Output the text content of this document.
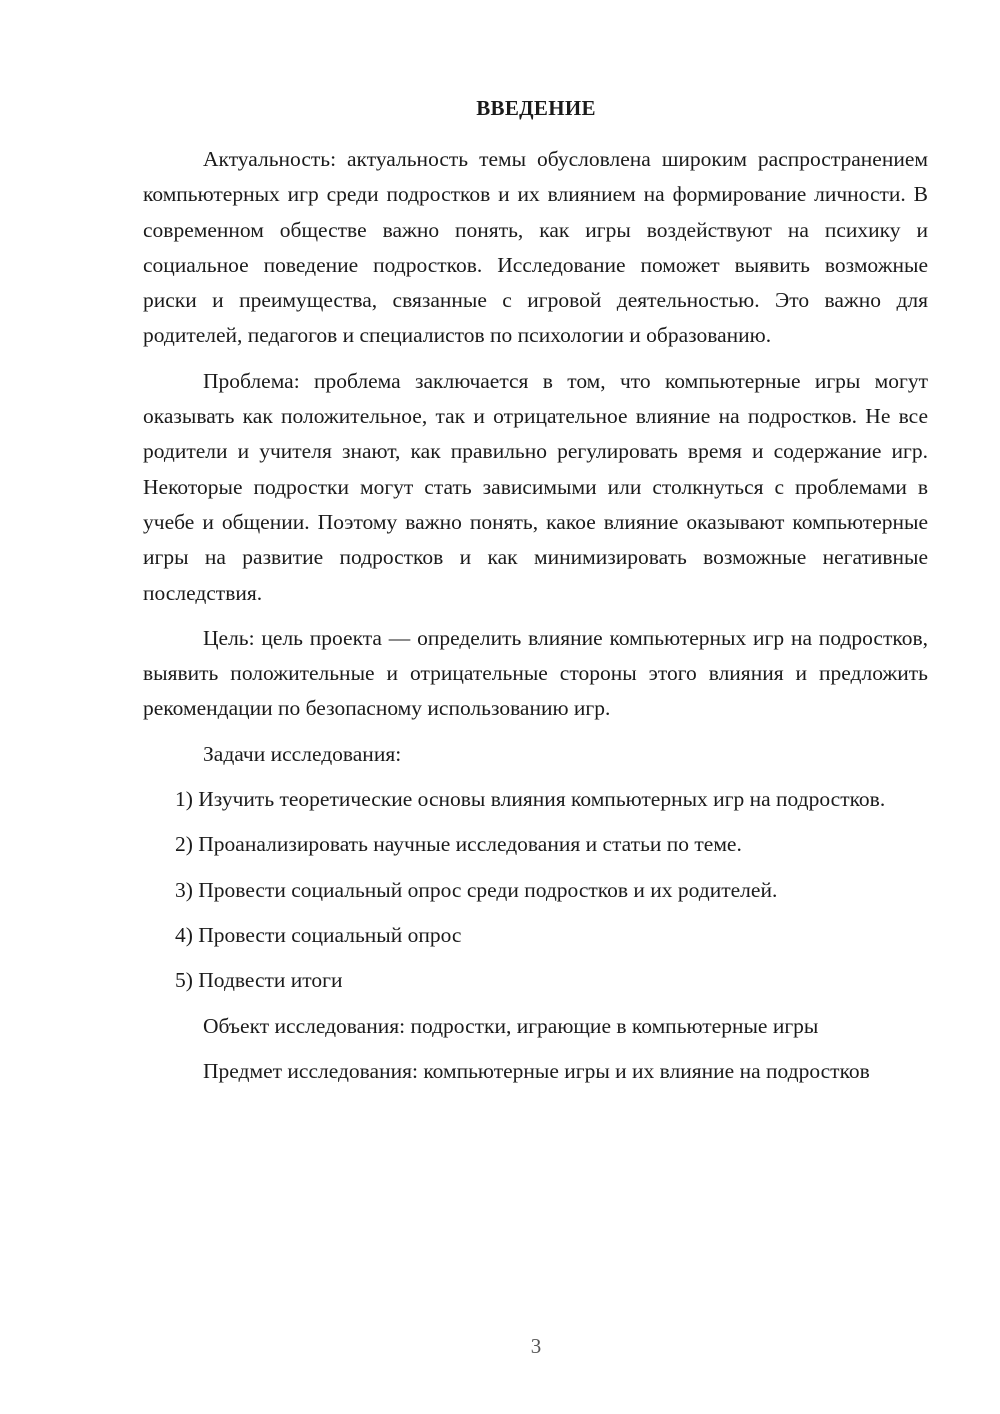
ВВЕДЕНИЕ

Актуальность: актуальность темы обусловлена широким распространением компьютерных игр среди подростков и их влиянием на формирование личности. В современном обществе важно понять, как игры воздействуют на психику и социальное поведение подростков. Исследование поможет выявить возможные риски и преимущества, связанные с игровой деятельностью. Это важно для родителей, педагогов и специалистов по психологии и образованию.

Проблема: проблема заключается в том, что компьютерные игры могут оказывать как положительное, так и отрицательное влияние на подростков. Не все родители и учителя знают, как правильно регулировать время и содержание игр. Некоторые подростки могут стать зависимыми или столкнуться с проблемами в учебе и общении. Поэтому важно понять, какое влияние оказывают компьютерные игры на развитие подростков и как минимизировать возможные негативные последствия.

Цель: цель проекта — определить влияние компьютерных игр на подростков, выявить положительные и отрицательные стороны этого влияния и предложить рекомендации по безопасному использованию игр.

Задачи исследования:

1) Изучить теоретические основы влияния компьютерных игр на подростков.

2) Проанализировать научные исследования и статьи по теме.

3) Провести социальный опрос среди подростков и их родителей.

4) Провести социальный опрос

5) Подвести итоги

Объект исследования: подростки, играющие в компьютерные игры

Предмет исследования: компьютерные игры и их влияние на подростков

3
